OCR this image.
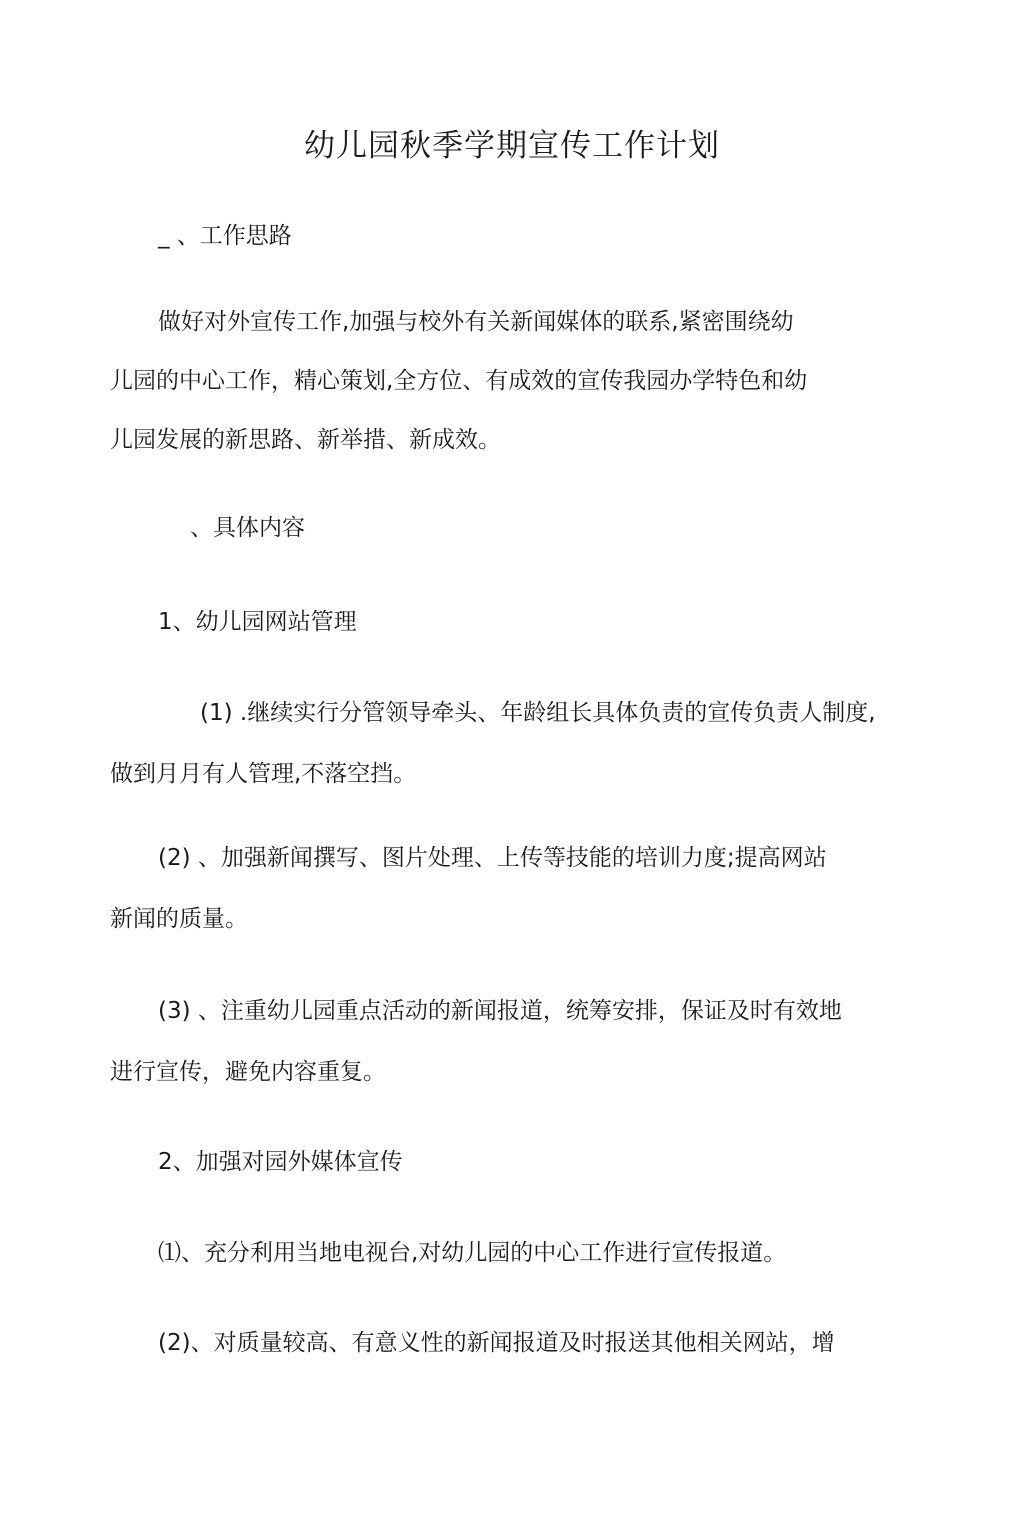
幼儿园秋季学期宣传工作计划
_ 、工作思路
做好对外宣传工作,加强与校外有关新闻媒体的联系,紧密围绕幼
儿园的中心工作，精心策划,全方位、有成效的宣传我园办学特色和幼
儿园发展的新思路、新举措、新成效。
、具体内容
1、幼儿园网站管理
(1) .继续实行分管领导牵头、年龄组长具体负责的宣传负责人制度,
做到月月有人管理,不落空挡。
(2) 、加强新闻撰写、图片处理、上传等技能的培训力度;提高网站
新闻的质量。
(3) 、注重幼儿园重点活动的新闻报道，统筹安排，保证及时有效地
进行宣传，避免内容重复。
2、加强对园外媒体宣传
⑴、充分利用当地电视台,对幼儿园的中心工作进行宣传报道。
(2)、对质量较高、有意义性的新闻报道及时报送其他相关网站，增
